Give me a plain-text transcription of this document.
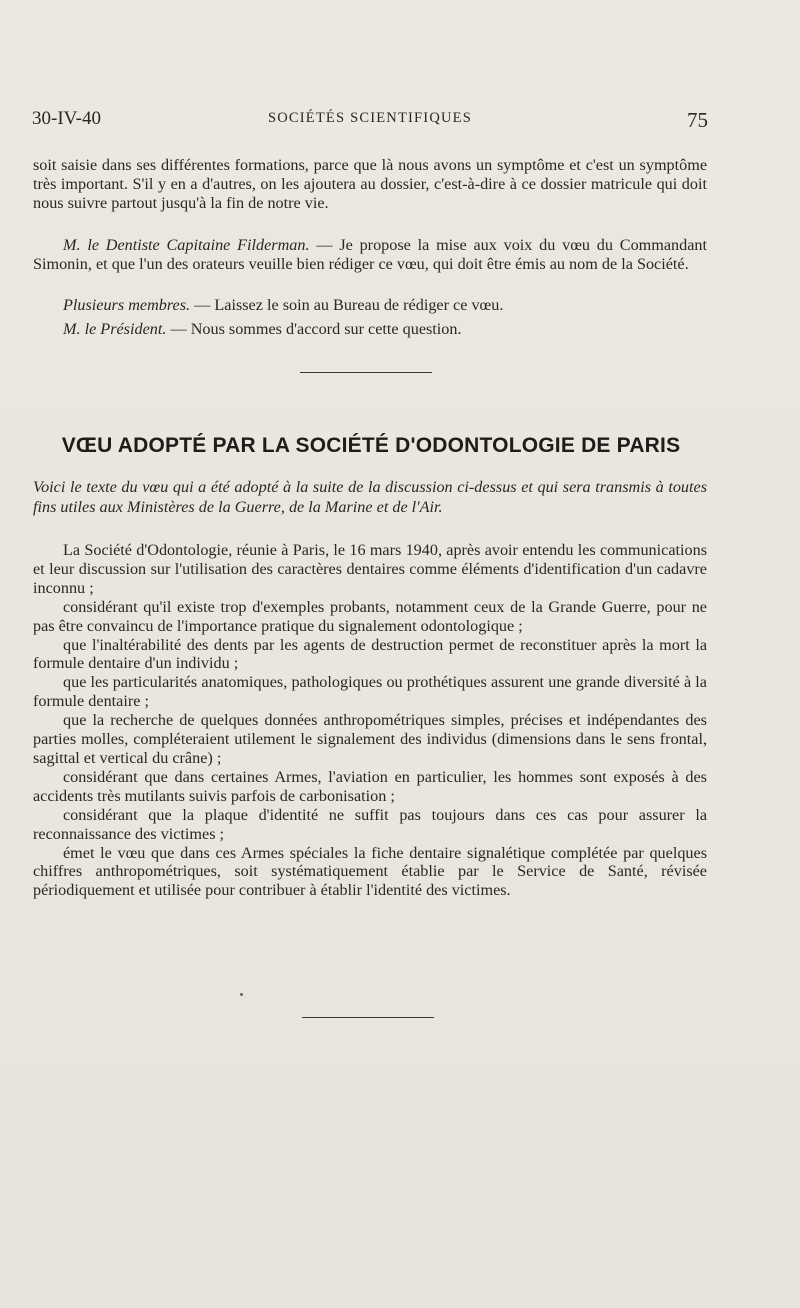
30-IV-40	SOCIÉTÉS SCIENTIFIQUES	75

soit saisie dans ses différentes formations, parce que là nous avons un symptôme et c'est un symptôme très important. S'il y en a d'autres, on les ajoutera au dossier, c'est-à-dire à ce dossier matricule qui doit nous suivre partout jusqu'à la fin de notre vie.

M. le Dentiste Capitaine Filderman. — Je propose la mise aux voix du vœu du Commandant Simonin, et que l'un des orateurs veuille bien rédiger ce vœu, qui doit être émis au nom de la Société.

Plusieurs membres. — Laissez le soin au Bureau de rédiger ce vœu.

M. le Président. — Nous sommes d'accord sur cette question.

VŒU ADOPTÉ PAR LA SOCIÉTÉ D'ODONTOLOGIE DE PARIS

Voici le texte du vœu qui a été adopté à la suite de la discussion ci-dessus et qui sera transmis à toutes fins utiles aux Ministères de la Guerre, de la Marine et de l'Air.

La Société d'Odontologie, réunie à Paris, le 16 mars 1940, après avoir entendu les communications et leur discussion sur l'utilisation des caractères dentaires comme éléments d'identification d'un cadavre inconnu ;

considérant qu'il existe trop d'exemples probants, notamment ceux de la Grande Guerre, pour ne pas être convaincu de l'importance pratique du signalement odontologique ;

que l'inaltérabilité des dents par les agents de destruction permet de reconstituer après la mort la formule dentaire d'un individu ;

que les particularités anatomiques, pathologiques ou prothétiques assurent une grande diversité à la formule dentaire ;

que la recherche de quelques données anthropométriques simples, précises et indépendantes des parties molles, compléteraient utilement le signalement des individus (dimensions dans le sens frontal, sagittal et vertical du crâne) ;

considérant que dans certaines Armes, l'aviation en particulier, les hommes sont exposés à des accidents très mutilants suivis parfois de carbonisation ;

considérant que la plaque d'identité ne suffit pas toujours dans ces cas pour assurer la reconnaissance des victimes ;

émet le vœu que dans ces Armes spéciales la fiche dentaire signalétique complétée par quelques chiffres anthropométriques, soit systématiquement établie par le Service de Santé, révisée périodiquement et utilisée pour contribuer à établir l'identité des victimes.
